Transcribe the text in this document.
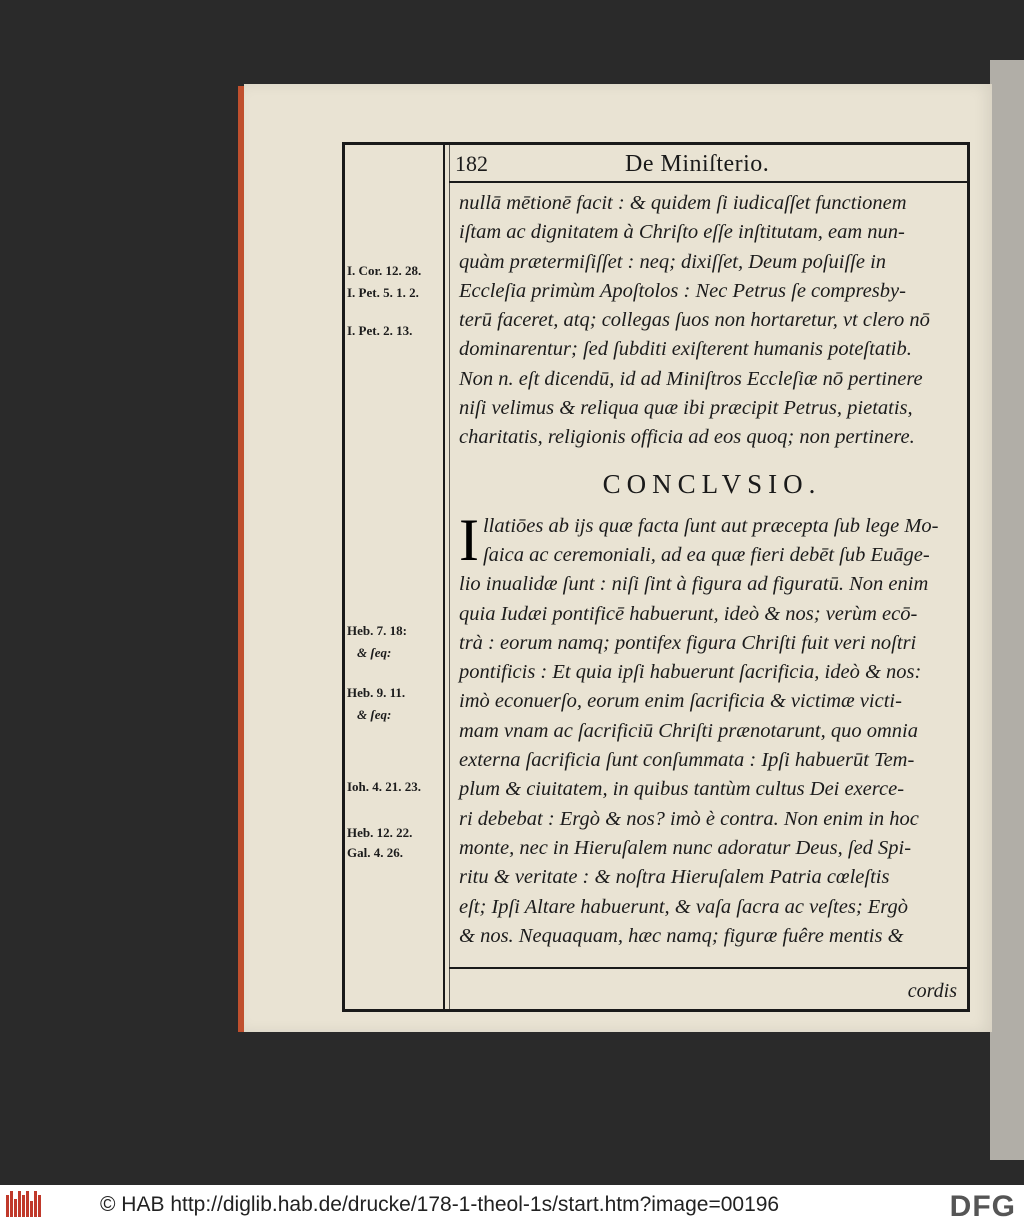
182	De Miniſterio.
I. Cor. 12. 28.
I. Pet. 5. 1. 2.
I. Pet. 2. 13.
Heb. 7. 18:
& ſeq:
Heb. 9. 11.
& ſeq:
Ioh. 4. 21. 23.
Heb. 12. 22.
Gal. 4. 26.
nullā mētionē facit : & quidem ſi iudicaſſet functionem
iſtam ac dignitatem à Chriſto eſſe inſtitutam, eam nun-
quàm prætermiſiſſet : neq; dixiſſet, Deum poſuiſſe in
Eccleſia primùm Apoſtolos : Nec Petrus ſe compresby-
terū faceret, atq; collegas ſuos non hortaretur, vt clero nō
dominarentur; ſed ſubditi exiſterent humanis poteſtatib.
Non n. eſt dicendū, id ad Miniſtros Eccleſiæ nō pertinere
niſi velimus & reliqua quæ ibi præcipit Petrus, pietatis,
charitatis, religionis officia ad eos quoq; non pertinere.
CONCLVSIO.
I llatiōes ab ijs quæ facta ſunt aut præcepta ſub lege Mo-
ſaica ac ceremoniali, ad ea quæ fieri debēt ſub Euāge-
lio inualidæ ſunt : niſi ſint à figura ad figuratū. Non enim
quia Iudæi pontificē habuerunt, ideò & nos; verùm ecō-
trà : eorum namq; pontifex figura Chriſti fuit veri noſtri
pontificis : Et quia ipſi habuerunt ſacrificia, ideò & nos:
imò econuerſo, eorum enim ſacrificia & victimæ victi-
mam vnam ac ſacrificiū Chriſti prænotarunt, quo omnia
externa ſacrificia ſunt conſummata : Ipſi habuerūt Tem-
plum & ciuitatem, in quibus tantùm cultus Dei exerce-
ri debebat : Ergò & nos? imò è contra. Non enim in hoc
monte, nec in Hieruſalem nunc adoratur Deus, ſed Spi-
ritu & veritate : & noſtra Hieruſalem Patria cœleſtis
eſt; Ipſi Altare habuerunt, & vaſa ſacra ac veſtes; Ergò
& nos. Nequaquam, hæc namq; figuræ fuêre mentis &
cordis
© HAB http://diglib.hab.de/drucke/178-1-theol-1s/start.htm?image=00196	DFG
